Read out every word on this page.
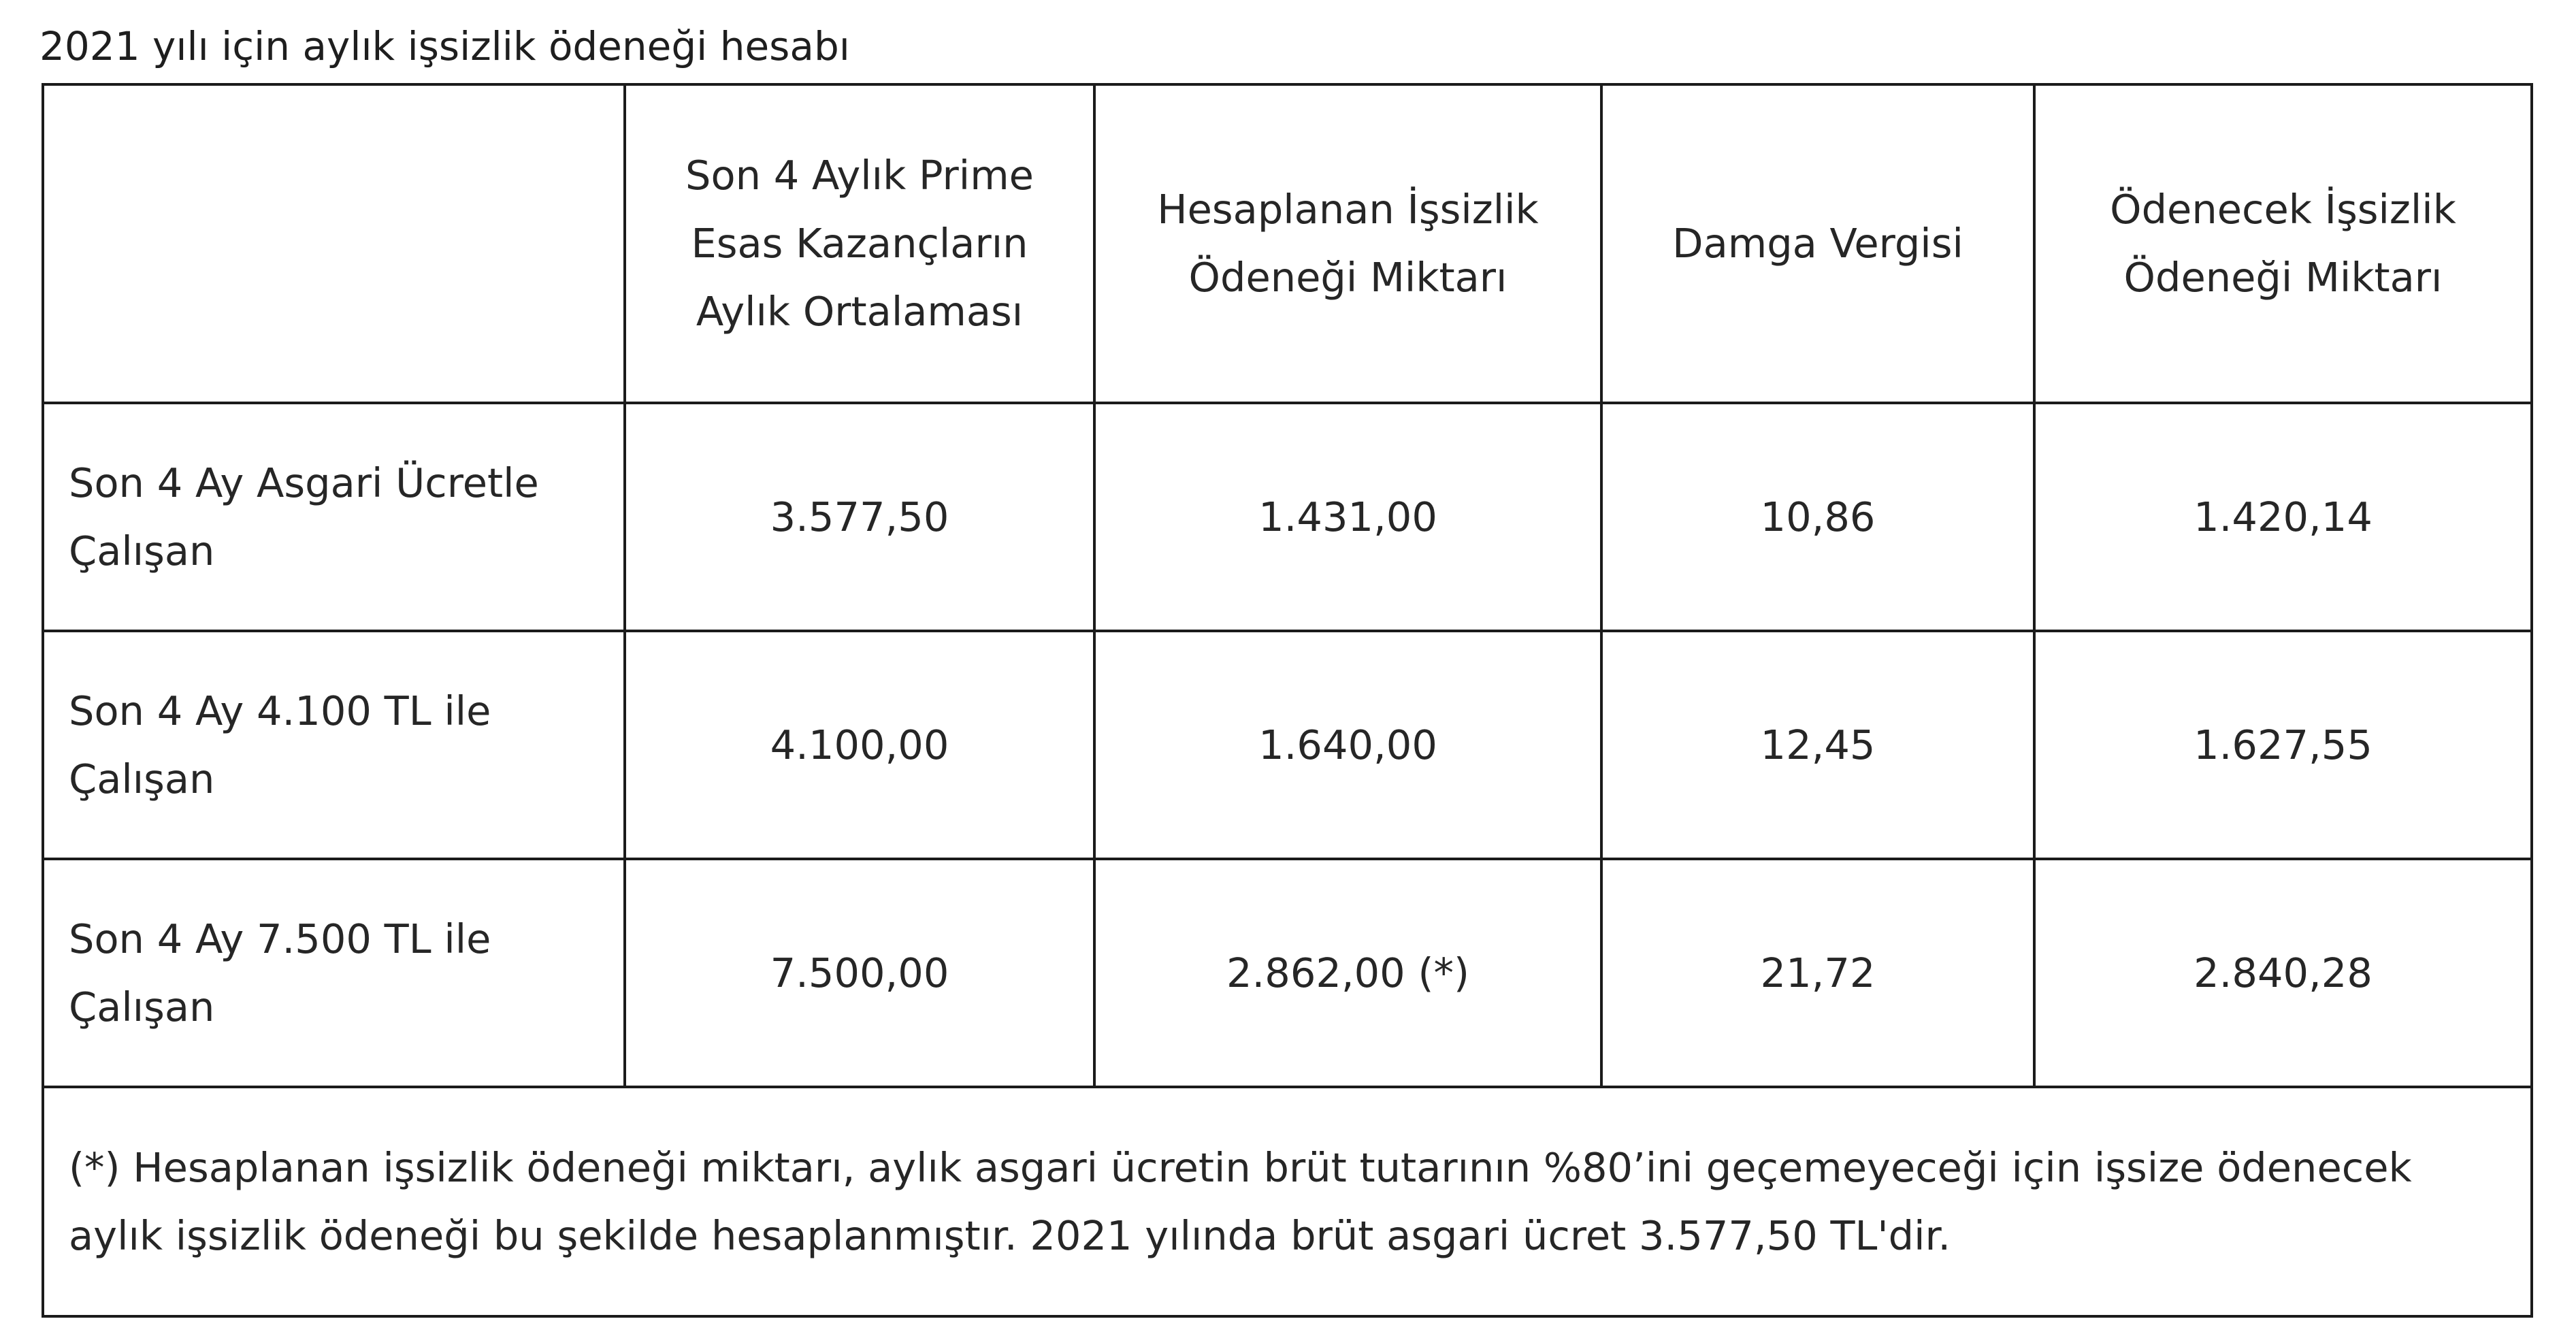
2021 yılı için aylık işsizlik ödeneği hesabı
	Son 4 Aylık Prime Esas Kazançların Aylık Ortalaması	Hesaplanan İşsizlik Ödeneği Miktarı	Damga Vergisi	Ödenecek İşsizlik Ödeneği Miktarı
Son 4 Ay Asgari Ücretle Çalışan	3.577,50	1.431,00	10,86	1.420,14
Son 4 Ay 4.100 TL ile Çalışan	4.100,00	1.640,00	12,45	1.627,55
Son 4 Ay 7.500 TL ile Çalışan	7.500,00	2.862,00 (*)	21,72	2.840,28
(*) Hesaplanan işsizlik ödeneği miktarı, aylık asgari ücretin brüt tutarının %80’ini geçemeyeceği için işsize ödenecek aylık işsizlik ödeneği bu şekilde hesaplanmıştır. 2021 yılında brüt asgari ücret 3.577,50 TL'dir.				
